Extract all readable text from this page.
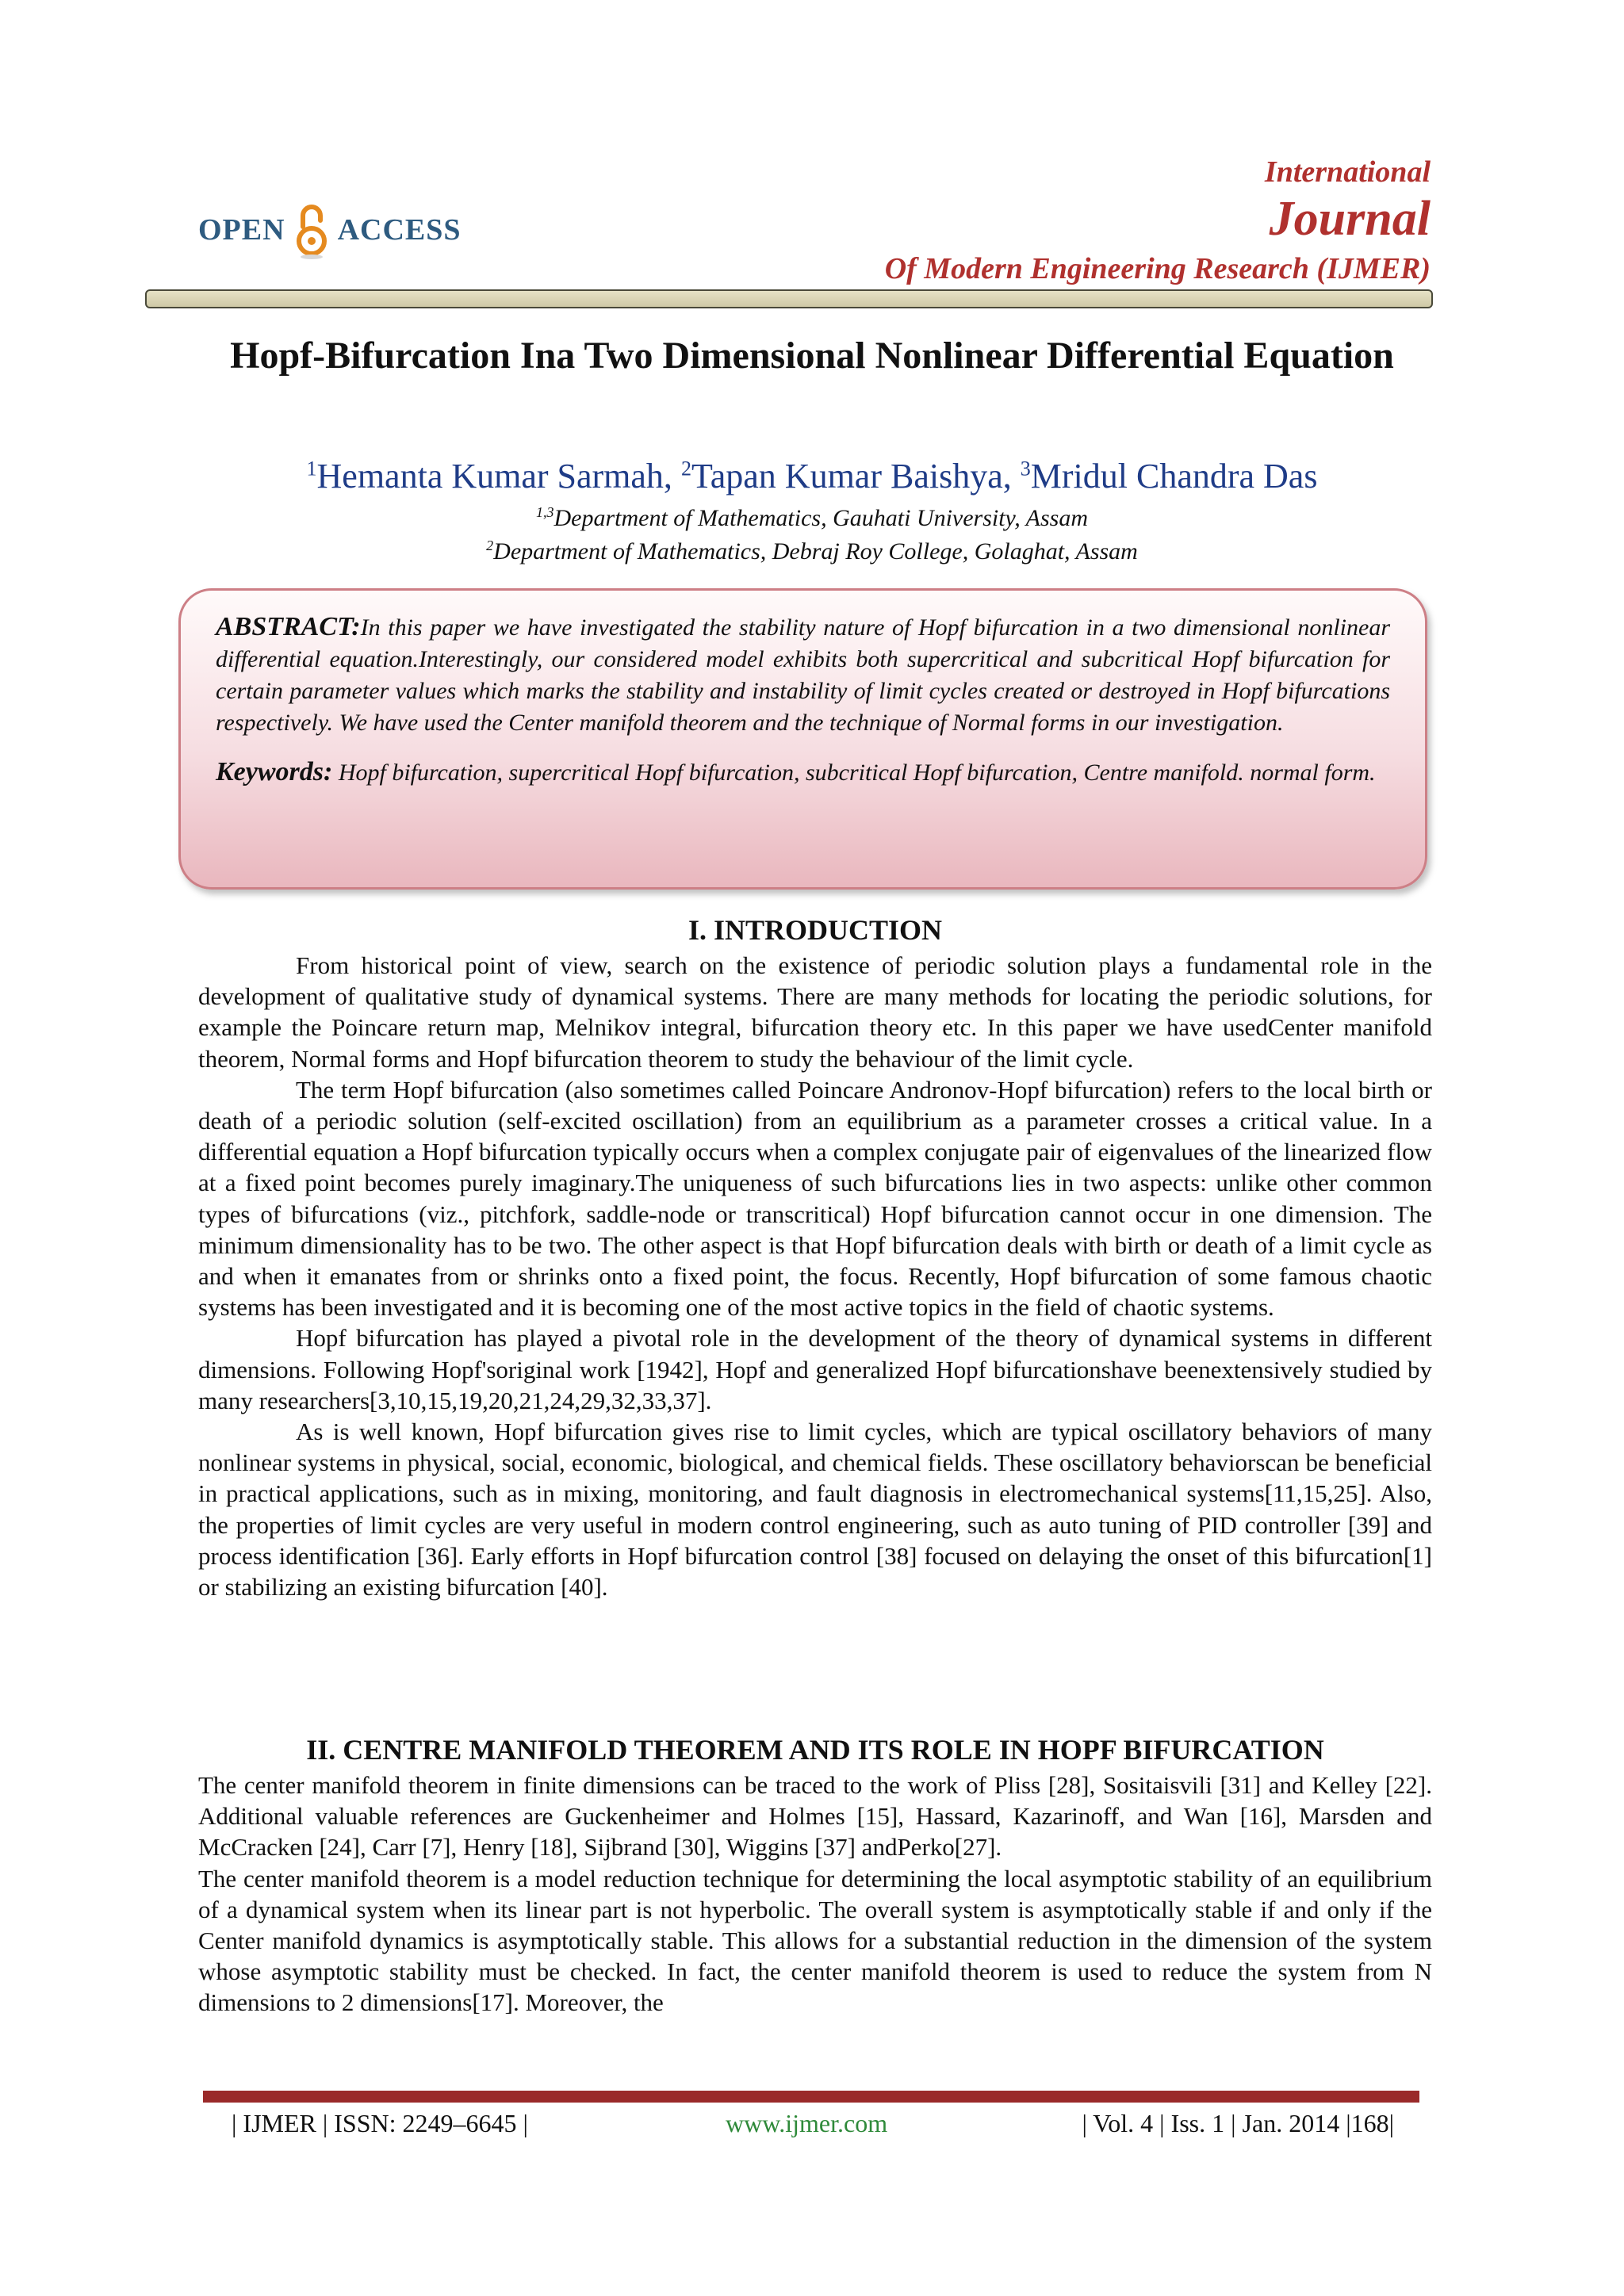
OPEN ACCESS
International
Journal
Of Modern Engineering Research (IJMER)
Hopf-Bifurcation Ina Two Dimensional Nonlinear Differential Equation
$^1$Hemanta Kumar Sarmah, $^2$Tapan Kumar Baishya, $^3$Mridul Chandra Das
$^{1,3}$Department of Mathematics, Gauhati University, Assam
$^2$Department of Mathematics, Debraj Roy College, Golaghat, Assam
ABSTRACT:In this paper we have investigated the stability nature of Hopf bifurcation in a two dimensional nonlinear differential equation.Interestingly, our considered model exhibits both supercritical and subcritical Hopf bifurcation for certain parameter values which marks the stability and instability of limit cycles created or destroyed in Hopf bifurcations respectively. We have used the Center manifold theorem and the technique of Normal forms in our investigation.
Keywords: Hopf bifurcation, supercritical Hopf bifurcation, subcritical Hopf bifurcation, Centre manifold. normal form.
I. INTRODUCTION

From historical point of view, search on the existence of periodic solution plays a fundamental role in the development of qualitative study of dynamical systems. There are many methods for locating the periodic solutions, for example the Poincare return map, Melnikov integral, bifurcation theory etc. In this paper we have usedCenter manifold theorem, Normal forms and Hopf bifurcation theorem to study the behaviour of the limit cycle.

The term Hopf bifurcation (also sometimes called Poincare Andronov-Hopf bifurcation) refers to the local birth or death of a periodic solution (self-excited oscillation) from an equilibrium as a parameter crosses a critical value. In a differential equation a Hopf bifurcation typically occurs when a complex conjugate pair of eigenvalues of the linearized flow at a fixed point becomes purely imaginary.The uniqueness of such bifurcations lies in two aspects: unlike other common types of bifurcations (viz., pitchfork, saddle-node or transcritical) Hopf bifurcation cannot occur in one dimension. The minimum dimensionality has to be two. The other aspect is that Hopf bifurcation deals with birth or death of a limit cycle as and when it emanates from or shrinks onto a fixed point, the focus. Recently, Hopf bifurcation of some famous chaotic systems has been investigated and it is becoming one of the most active topics in the field of chaotic systems.

Hopf bifurcation has played a pivotal role in the development of the theory of dynamical systems in different dimensions. Following Hopf'soriginal work [1942], Hopf and generalized Hopf bifurcationshave beenextensively studied by many researchers[3,10,15,19,20,21,24,29,32,33,37].

As is well known, Hopf bifurcation gives rise to limit cycles, which are typical oscillatory behaviors of many nonlinear systems in physical, social, economic, biological, and chemical fields. These oscillatory behaviorscan be beneficial in practical applications, such as in mixing, monitoring, and fault diagnosis in electromechanical systems[11,15,25]. Also, the properties of limit cycles are very useful in modern control engineering, such as auto tuning of PID controller [39] and process identification [36]. Early efforts in Hopf bifurcation control [38] focused on delaying the onset of this bifurcation[1] or stabilizing an existing bifurcation [40].

II. CENTRE MANIFOLD THEOREM AND ITS ROLE IN HOPF BIFURCATION

The center manifold theorem in finite dimensions can be traced to the work of Pliss [28], Sositaisvili [31] and Kelley [22]. Additional valuable references are Guckenheimer and Holmes [15], Hassard, Kazarinoff, and Wan [16], Marsden and McCracken [24], Carr [7], Henry [18], Sijbrand [30], Wiggins [37] andPerko[27].

The center manifold theorem is a model reduction technique for determining the local asymptotic stability of an equilibrium of a dynamical system when its linear part is not hyperbolic. The overall system is asymptotically stable if and only if the Center manifold dynamics is asymptotically stable. This allows for a substantial reduction in the dimension of the system whose asymptotic stability must be checked. In fact, the center manifold theorem is used to reduce the system from N dimensions to 2 dimensions[17]. Moreover, the

| IJMER | ISSN: 2249–6645 |	www.ijmer.com	| Vol. 4 | Iss. 1 | Jan. 2014 |168|
